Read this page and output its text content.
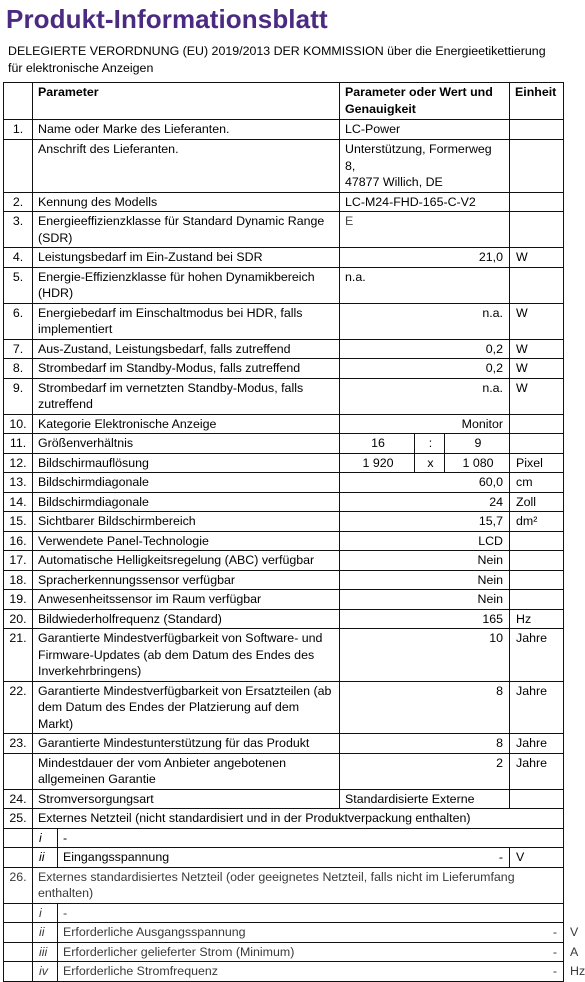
Produkt-Informationsblatt
DELEGIERTE VERORDNUNG (EU) 2019/2013 DER KOMMISSION über die Energieetikettierung für elektronische Anzeigen
	Parameter		Parameter oder Wert und Genauigkeit			Einheit	
1.	Name oder Marke des Lieferanten.		LC-Power				
	Anschrift des Lieferanten.		Unterstützung, Formerweg 8,
47877 Willich, DE				
2.	Kennung des Modells		LC-M24-FHD-165-C-V2				
3.	Energieeffizienzklasse für Standard Dynamic Range (SDR)		E				
4.	Leistungsbedarf im Ein-Zustand bei SDR		21,0			W	
5.	Energie-Effizienzklasse für hohen Dynamikbereich (HDR)		n.a.				
6.	Energiebedarf im Einschaltmodus bei HDR, falls implementiert		n.a.			W	
7.	Aus-Zustand, Leistungsbedarf, falls zutreffend		0,2			W	
8.	Strombedarf im Standby-Modus, falls zutreffend		0,2			W	
9.	Strombedarf im vernetzten Standby-Modus, falls zutreffend		n.a.			W	
10.	Kategorie Elektronische Anzeige		Monitor				
11.	Größenverhältnis		16	:	9		
12.	Bildschirmauflösung		1 920	x	1 080	Pixel	
13.	Bildschirmdiagonale		60,0			cm	
14.	Bildschirmdiagonale		24			Zoll	
15.	Sichtbarer Bildschirmbereich		15,7			dm²	
16.	Verwendete Panel-Technologie		LCD				
17.	Automatische Helligkeitsregelung (ABC) verfügbar		Nein				
18.	Spracherkennungssensor verfügbar		Nein				
19.	Anwesenheitssensor im Raum verfügbar		Nein				
20.	Bildwiederholfrequenz (Standard)		165			Hz	
21.	Garantierte Mindestverfügbarkeit von Software- und Firmware-Updates (ab dem Datum des Endes des Inverkehrbringens)		10			Jahre	
22.	Garantierte Mindestverfügbarkeit von Ersatzteilen (ab dem Datum des Endes der Platzierung auf dem Markt)		8			Jahre	
23.	Garantierte Mindestunterstützung für das Produkt		8			Jahre	
	Mindestdauer der vom Anbieter angebotenen allgemeinen Garantie		2			Jahre	
24.	Stromversorgungsart		Standardisierte Externe				
25.	Externes Netzteil (nicht standardisiert und in der Produktverpackung enthalten)						
	i	-					
	ii	Eingangsspannung	-			V	
26.	Externes standardisiertes Netzteil (oder geeignetes Netzteil, falls nicht im Lieferumfang enthalten)						
	i	-					
	ii	Erforderliche Ausgangsspannung				-	V
	iii	Erforderlicher gelieferter Strom (Minimum)				-	A
	iv	Erforderliche Stromfrequenz				-	Hz
